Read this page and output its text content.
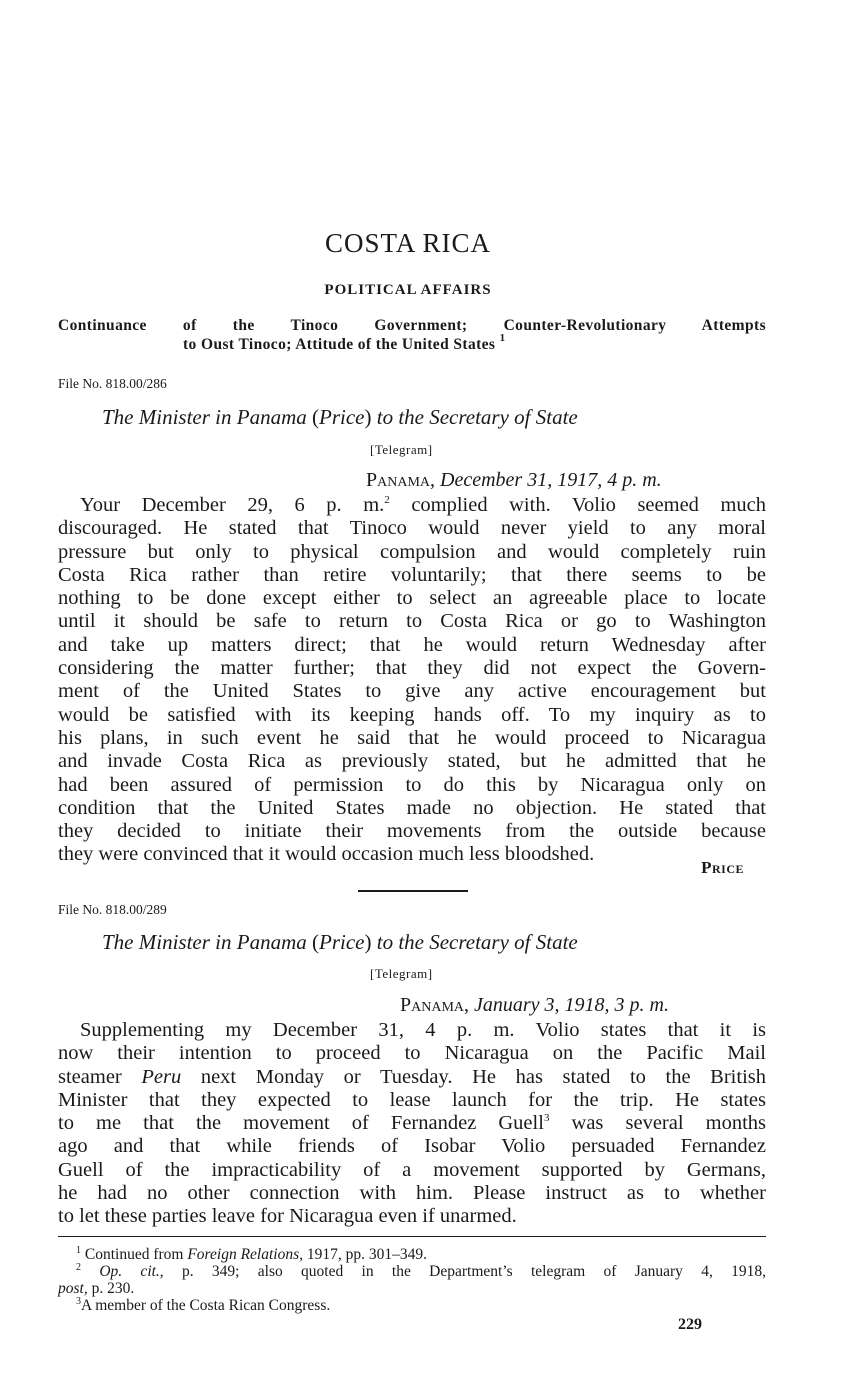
COSTA RICA
POLITICAL AFFAIRS
Continuance of the Tinoco Government; Counter-Revolutionary Attempts
to Oust Tinoco; Attitude of the United States $^1$
File No. 818.00/286
The Minister in Panama (Price) to the Secretary of State
[Telegram]
Panama, December 31, 1917, 4 p. m.
Your December 29, 6 p. m.$^2$ complied with. Volio seemed much
discouraged. He stated that Tinoco would never yield to any moral
pressure but only to physical compulsion and would completely ruin
Costa Rica rather than retire voluntarily; that there seems to be
nothing to be done except either to select an agreeable place to locate
until it should be safe to return to Costa Rica or go to Washington
and take up matters direct; that he would return Wednesday after
considering the matter further; that they did not expect the Govern-
ment of the United States to give any active encouragement but
would be satisfied with its keeping hands off. To my inquiry as to
his plans, in such event he said that he would proceed to Nicaragua
and invade Costa Rica as previously stated, but he admitted that he
had been assured of permission to do this by Nicaragua only on
condition that the United States made no objection. He stated that
they decided to initiate their movements from the outside because
they were convinced that it would occasion much less bloodshed.
Price
File No. 818.00/289
The Minister in Panama (Price) to the Secretary of State
[Telegram]
Panama, January 3, 1918, 3 p. m.
Supplementing my December 31, 4 p. m. Volio states that it is
now their intention to proceed to Nicaragua on the Pacific Mail
steamer Peru next Monday or Tuesday. He has stated to the British
Minister that they expected to lease launch for the trip. He states
to me that the movement of Fernandez Guell$^3$ was several months
ago and that while friends of Isobar Volio persuaded Fernandez
Guell of the impracticability of a movement supported by Germans,
he had no other connection with him. Please instruct as to whether
to let these parties leave for Nicaragua even if unarmed.
$^1$ Continued from Foreign Relations, 1917, pp. 301–349.
$^2$ Op. cit., p. 349; also quoted in the Department’s telegram of January 4, 1918,
post, p. 230.
$^3$A member of the Costa Rican Congress.
229
